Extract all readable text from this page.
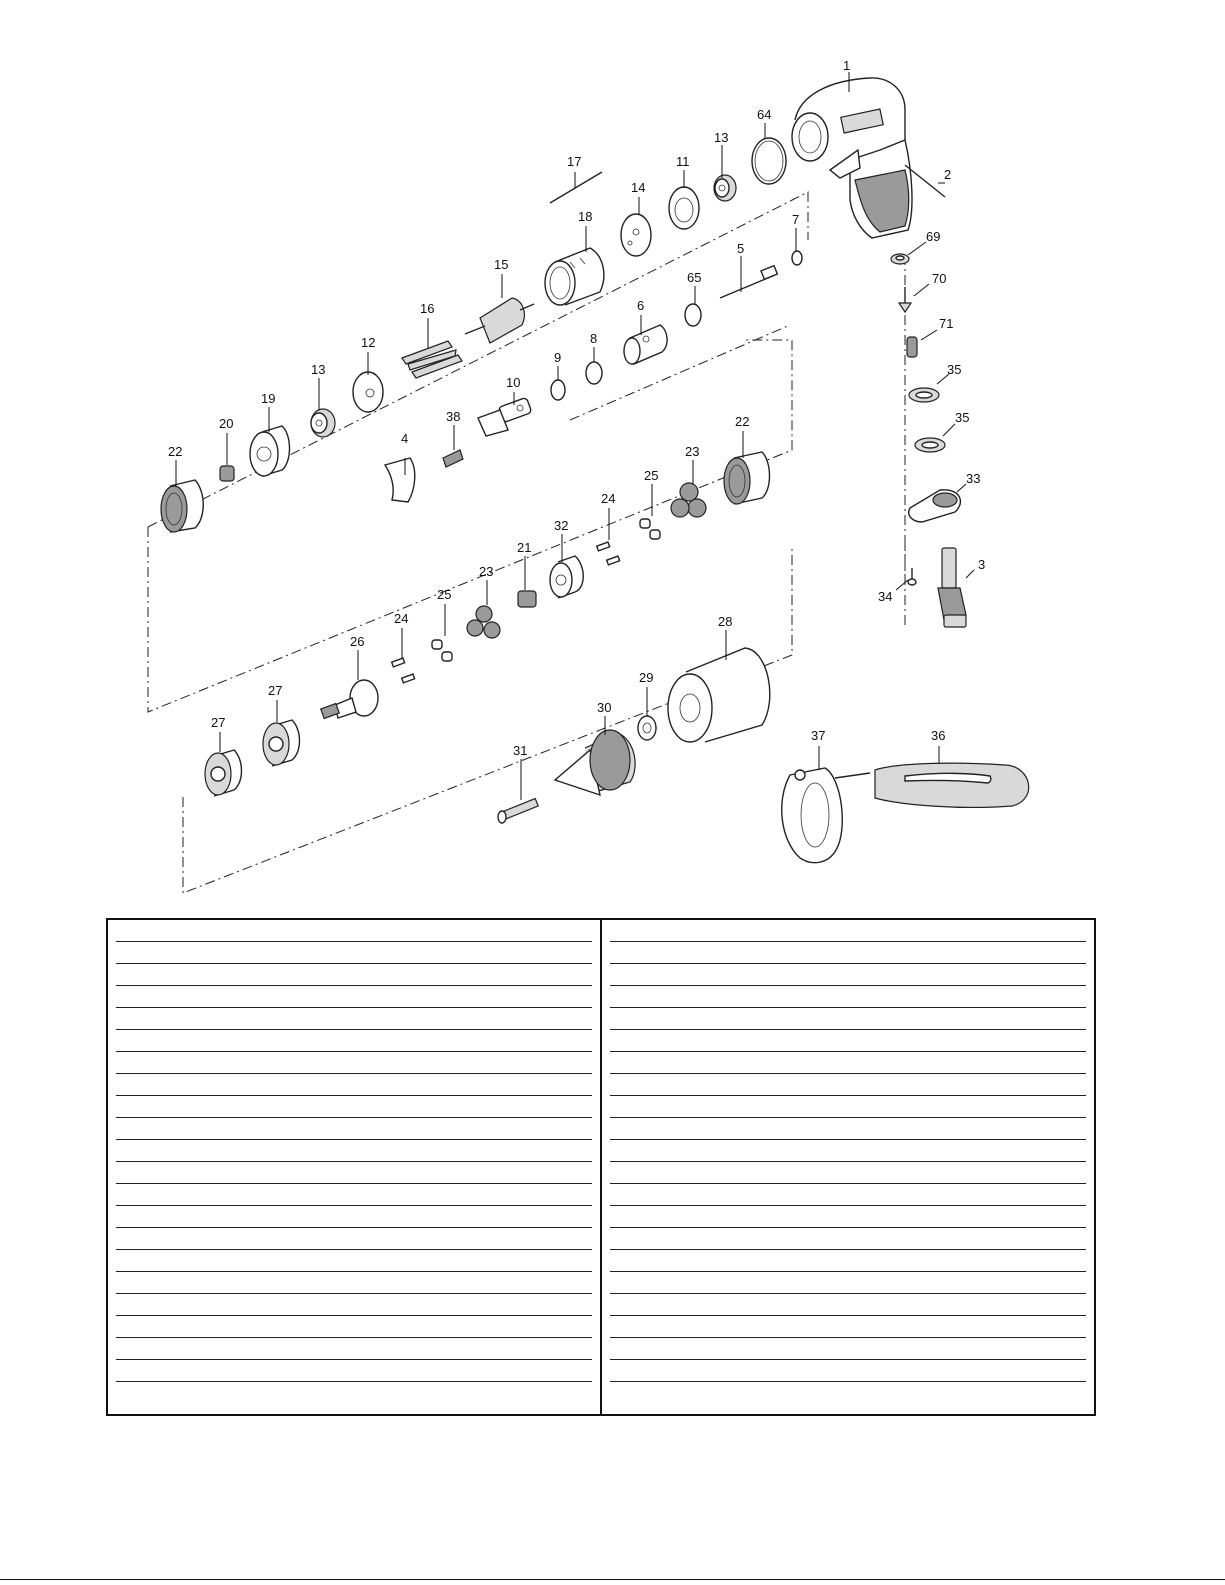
1
2
3
4
5
6
7
8
9
10
11
12
13
13
14
15
16
17
18
19
20
21
22
22
23
23
24
24
25
25
26
27
27
28
29
30
31
32
33
34
35
35
36
37
38
64
65
69
70
71
